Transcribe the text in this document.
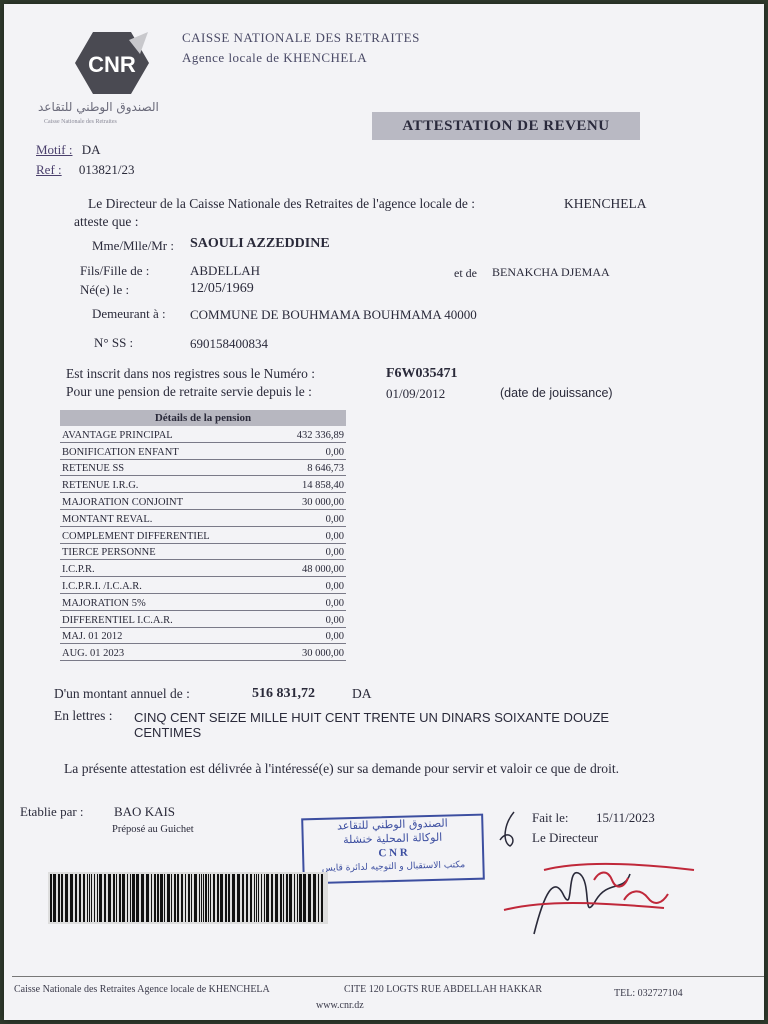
CNR
CAISSE NATIONALE DES RETRAITES
Agence locale de KHENCHELA
الصندوق الوطني للتقاعد
Caisse Nationale des Retraites	ATTESTATION DE REVENU
Motif : DA
Ref : 013821/23
Le Directeur de la Caisse Nationale des Retraites de l'agence locale de :	KHENCHELA
atteste que :
Mme/Mlle/Mr : SAOULI AZZEDDINE
Fils/Fille de :	ABDELLAH	et de BENAKCHA DJEMAA
Né(e) le :	12/05/1969
Demeurant à : COMMUNE DE BOUHMAMA BOUHMAMA 40000
N° SS :	690158400834
Est inscrit dans nos registres sous le Numéro :	F6W035471
Pour une pension de retraite servie depuis le :	01/09/2012	(date de jouissance)
Détails de la pension
AVANTAGE PRINCIPAL	432 336,89
BONIFICATION ENFANT	0,00
RETENUE SS	8 646,73
RETENUE I.R.G.	14 858,40
MAJORATION CONJOINT	30 000,00
MONTANT REVAL.	0,00
COMPLEMENT DIFFERENTIEL	0,00
TIERCE PERSONNE	0,00
I.C.P.R.	48 000,00
I.C.P.R.I. /I.C.A.R.	0,00
MAJORATION 5%	0,00
DIFFERENTIEL I.C.A.R.	0,00
MAJ. 01 2012	0,00
AUG. 01 2023	30 000,00
D'un montant annuel de :	516 831,72	DA
En lettres : CINQ CENT SEIZE MILLE HUIT CENT TRENTE UN DINARS SOIXANTE DOUZE
CENTIMES
La présente attestation est délivrée à l'intéressé(e) sur sa demande pour servir et valoir ce que de droit.
Etablie par : BAO KAIS
Préposé au Guichet	الصندوق الوطني للتقاعد
الوكالة المحلية خنشلة
C N R
مكتب الاستقبال و التوجيه لدائرة قايس
Fait le: 15/11/2023
Le Directeur
Caisse Nationale des Retraites Agence locale de KHENCHELA	CITE 120 LOGTS RUE ABDELLAH HAKKAR
www.cnr.dz
TEL: 032727104
